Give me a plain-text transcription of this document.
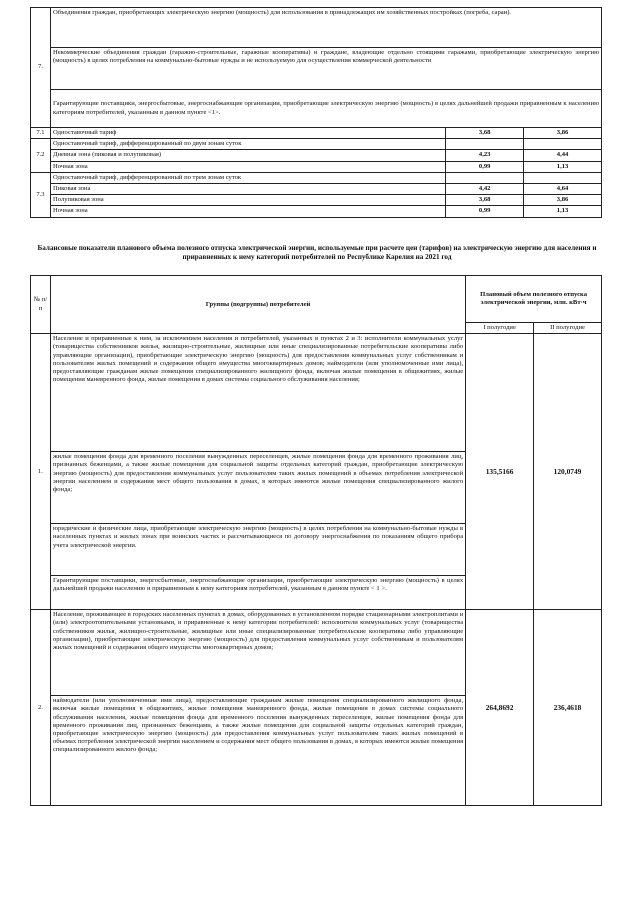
7.	Объединения граждан, приобретающих электрическую энергию (мощность) для использования в принадлежащих им хозяйственных постройках (погреба, сараи).		
	Некоммерческие объединения граждан (гаражно-строительные, гаражные кооперативы) и граждане, владеющие отдельно стоящими гаражами, приобретающие электрическую энергию (мощность) в целях потребления на коммунально-бытовые нужды и не используемую для осуществления коммерческой деятельности		
	Гарантирующие поставщики, энергосбытовые, энергоснабжающие организации, приобретающие электрическую энергию (мощность) в целях дальнейшей продажи приравненным к населению категориям потребителей, указанным в данном пункте <1>.		
7.1	Одноставочный тариф	3,68	3,86
7.2	Одноставочный тариф, дифференцированный по двум зонам суток		
	Дневная зона (пиковая и полупиковая)	4,23	4,44
	Ночная зона	0,99	1,13
7.3	Одноставочный тариф, дифференцированный по трем зонам суток		
	Пиковая зона	4,42	4,64
	Полупиковая зона	3,68	3,86
	Ночная зона	0,99	1,13
Балансовые показатели планового объема полезного отпуска электрической энергии, используемые при расчете цен (тарифов) на электрическую энергию для населения и приравненных к нему категорий потребителей по Республике Карелия на 2021 год
№ п/п	Группы (подгруппы) потребителей	Плановый объем полезного отпуска электрической энергии, млн. кВт·ч	
		I полугодие	II полугодие
1.	Население и приравненные к ним, за исключением населения и потребителей, указанных в пунктах 2 и 3: исполнители коммунальных услуг (товарищества собственников жилья, жилищно-строительные, жилищные или иные специализированные потребительские кооперативы либо управляющие организации), приобретающие электрическую энергию (мощность) для предоставления коммунальных услуг собственникам и пользователям жилых помещений и содержания общего имущества многоквартирных домов; наймодатели (или уполномоченные ими лица), предоставляющие гражданам жилые помещения специализированного жилищного фонда, включая жилые помещения в общежитиях, жилые помещения маневренного фонда, жилые помещения в домах системы социального обслуживания населения;	135,5166	120,0749
	жилые помещения фонда для временного поселения вынужденных переселенцев, жилые помещения фонда для временного проживания лиц, признанных беженцами, а также жилые помещения для социальной защиты отдельных категорий граждан, приобретающие электрическую энергию (мощность) для предоставления коммунальных услуг пользователям таких жилых помещений в объемах потребления электрической энергии населением и содержания мест общего пользования в домах, в которых имеются жилые помещения специализированного жилого фонда;		
	юридические и физические лица, приобретающие электрическую энергию (мощность) в целях потребления на коммунально-бытовые нужды в населенных пунктах и жилых зонах при воинских частях и рассчитывающиеся по договору энергоснабжения по показаниям общего прибора учета электрической энергии.		
	Гарантирующие поставщики, энергосбытовые, энергоснабжающие организации, приобретающие электрическую энергию (мощность) в целях дальнейшей продажи населению и приравненным к нему категориям потребителей, указанным в данном пункте < 1 >.		
2.	Население, проживающее в городских населенных пунктах в домах, оборудованных в установленном порядке стационарными электроплитами и (или) электроотопительными установками, и приравненные к нему категории потребителей: исполнители коммунальных услуг (товарищества собственников жилья, жилищно-строительные, жилищные или иные специализированные потребительские кооперативы либо управляющие организации), приобретающие электрическую энергию (мощность) для предоставления коммунальных услуг собственникам и пользователям жилых помещений и содержания общего имущества многоквартирных домов;	264,8692	236,4618
	наймодатели (или уполномоченные ими лица), предоставляющие гражданам жилые помещения специализированного жилищного фонда, включая жилые помещения в общежитиях, жилые помещения маневренного фонда, жилые помещения в домах системы социального обслуживания населения, жилые помещения фонда для временного поселения вынужденных переселенцев, жилые помещения фонда для временного проживания лиц, признанных беженцами, а также жилые помещения для социальной защиты отдельных категорий граждан, приобретающие электрическую энергию (мощность) для предоставления коммунальных услуг пользователям таких жилых помещений в объемах потребления электрической энергии населением и содержания мест общего пользования в домах, в которых имеются жилые помещения специализированного жилого фонда;		
